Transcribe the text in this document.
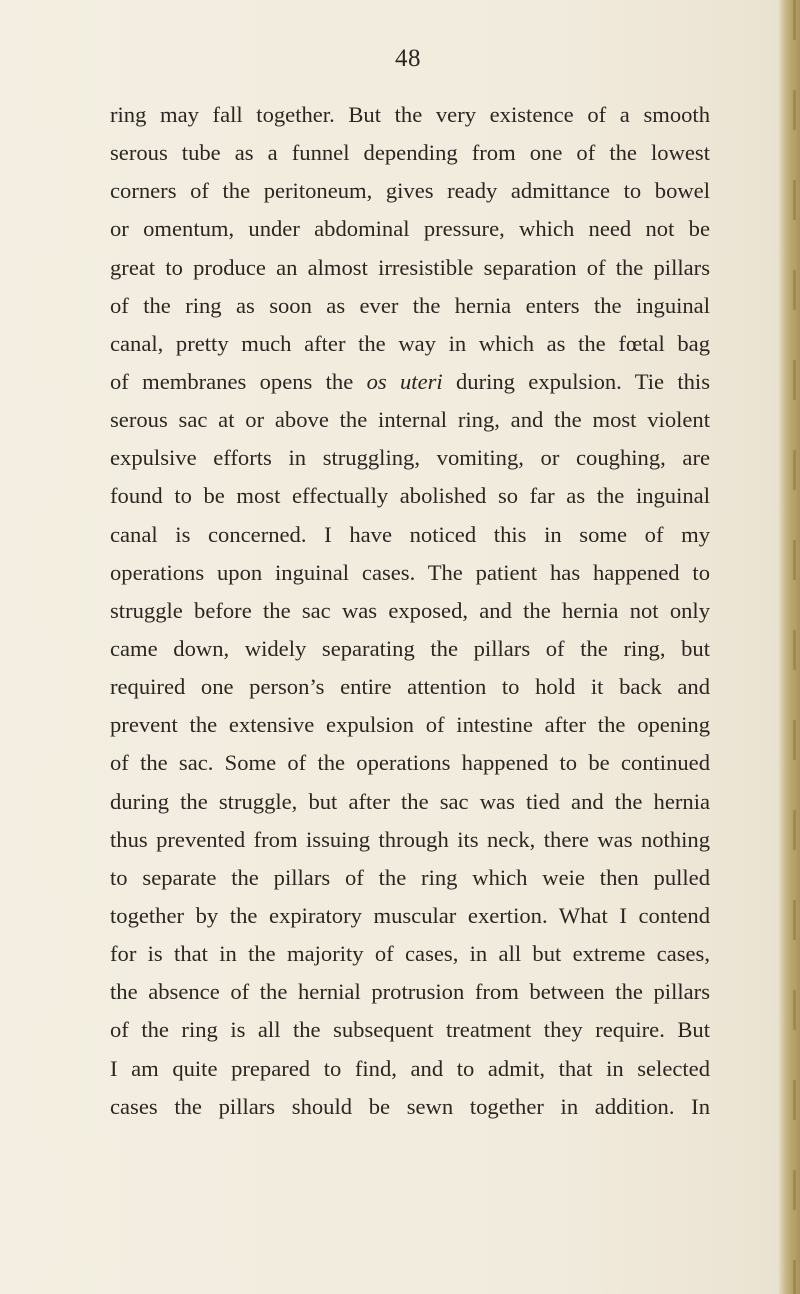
48
ring may fall together. But the very existence of a smooth
serous tube as a funnel depending from one of the lowest
corners of the peritoneum, gives ready admittance to bowel
or omentum, under abdominal pressure, which need not be
great to produce an almost irresistible separation of the pillars
of the ring as soon as ever the hernia enters the inguinal
canal, pretty much after the way in which as the fœtal bag
of membranes opens the os uteri during expulsion. Tie this
serous sac at or above the internal ring, and the most violent
expulsive efforts in struggling, vomiting, or coughing, are
found to be most effectually abolished so far as the inguinal
canal is concerned. I have noticed this in some of my
operations upon inguinal cases. The patient has happened to
struggle before the sac was exposed, and the hernia not only
came down, widely separating the pillars of the ring, but
required one person’s entire attention to hold it back and
prevent the extensive expulsion of intestine after the opening
of the sac. Some of the operations happened to be continued
during the struggle, but after the sac was tied and the hernia
thus prevented from issuing through its neck, there was nothing
to separate the pillars of the ring which weie then pulled
together by the expiratory muscular exertion. What I contend
for is that in the majority of cases, in all but extreme cases,
the absence of the hernial protrusion from between the pillars
of the ring is all the subsequent treatment they require. But
I am quite prepared to find, and to admit, that in selected
cases the pillars should be sewn together in addition. In
